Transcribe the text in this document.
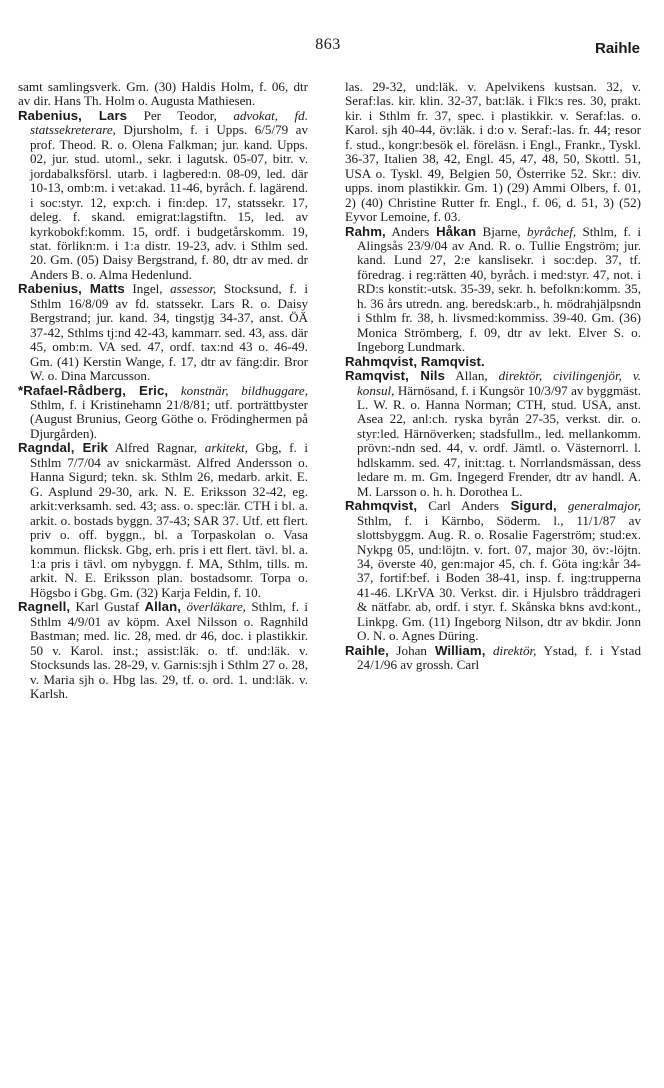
863	Raihle

samt samlingsverk. Gm. (30) Haldis Holm, f. 06, dtr av dir. Hans Th. Holm o. Augusta Mathiesen.

Rabenius, Lars Per Teodor, advokat, fd. statssekreterare, Djursholm, f. i Upps. 6/5/79 av prof. Theod. R. o. Olena Falkman; jur. kand. Upps. 02, jur. stud. utoml., sekr. i lagutsk. 05-07, bitr. v. jordabalksförsl. utarb. i lagbered:n. 08-09, led. där 10-13, omb:m. i vet:akad. 11-46, byråch. f. lagärend. i soc:styr. 12, exp:ch. i fin:dep. 17, statssekr. 17, deleg. f. skand. emigrat:lagstiftn. 15, led. av kyrkobokf:komm. 15, ordf. i budgetårskomm. 19, stat. förlikn:m. i 1:a distr. 19-23, adv. i Sthlm sed. 20. Gm. (05) Daisy Bergstrand, f. 80, dtr av med. dr Anders B. o. Alma Hedenlund.

Rabenius, Matts Ingel, assessor, Stocksund, f. i Sthlm 16/8/09 av fd. statssekr. Lars R. o. Daisy Bergstrand; jur. kand. 34, tingstjg 34-37, anst. ÖÄ 37-42, Sthlms tj:nd 42-43, kammarr. sed. 43, ass. där 45, omb:m. VA sed. 47, ordf. tax:nd 43 o. 46-49. Gm. (41) Kerstin Wange, f. 17, dtr av fäng:dir. Bror W. o. Dina Marcusson.

*Rafael-Rådberg, Eric, konstnär, bildhuggare, Sthlm, f. i Kristinehamn 21/8/81; utf. porträttbyster (August Brunius, Georg Göthe o. Frödinghermen på Djurgården).

Ragndal, Erik Alfred Ragnar, arkitekt, Gbg, f. i Sthlm 7/7/04 av snickarmäst. Alfred Andersson o. Hanna Sigurd; tekn. sk. Sthlm 26, medarb. arkit. E. G. Asplund 29-30, ark. N. E. Eriksson 32-42, eg. arkit:verksamh. sed. 43; ass. o. spec:lär. CTH i bl. a. arkit. o. bostads byggn. 37-43; SAR 37. Utf. ett flert. priv o. off. byggn., bl. a Torpaskolan o. Vasa kommun. flicksk. Gbg, erh. pris i ett flert. tävl. bl. a. 1:a pris i tävl. om nybyggn. f. MA, Sthlm, tills. m. arkit. N. E. Eriksson plan. bostadsomr. Torpa o. Högsbo i Gbg. Gm. (32) Karja Feldin, f. 10.

Ragnell, Karl Gustaf Allan, överläkare, Sthlm, f. i Sthlm 4/9/01 av köpm. Axel Nilsson o. Ragnhild Bastman; med. lic. 28, med. dr 46, doc. i plastikkir. 50 v. Karol. inst.; assist:läk. o. tf. und:läk. v. Stocksunds las. 28-29, v. Garnis:sjh i Sthlm 27 o. 28, v. Maria sjh o. Hbg las. 29, tf. o. ord. 1. und:läk. v. Karlsh.

las. 29-32, und:läk. v. Apelvikens kustsan. 32, v. Seraf:las. kir. klin. 32-37, bat:läk. i Flk:s res. 30, prakt. kir. i Sthlm fr. 37, spec. i plastikkir. v. Seraf:las. o. Karol. sjh 40-44, öv:läk. i d:o v. Seraf:-las. fr. 44; resor f. stud., kongr:besök el. föreläsn. i Engl., Frankr., Tyskl. 36-37, Italien 38, 42, Engl. 45, 47, 48, 50, Skottl. 51, USA o. Tyskl. 49, Belgien 50, Österrike 52. Skr.: div. upps. inom plastikkir. Gm. 1) (29) Ammi Olbers, f. 01, 2) (40) Christine Rutter fr. Engl., f. 06, d. 51, 3) (52) Eyvor Lemoine, f. 03.

Rahm, Anders Håkan Bjarne, byråchef, Sthlm, f. i Alingsås 23/9/04 av And. R. o. Tullie Engström; jur. kand. Lund 27, 2:e kanslisekr. i soc:dep. 37, tf. föredrag. i reg:rätten 40, byråch. i med:styr. 47, not. i RD:s konstit:-utsk. 35-39, sekr. h. befolkn:komm. 35, h. 36 års utredn. ang. beredsk:arb., h. mödrahjälpsndn i Sthlm fr. 38, h. livsmed:kommiss. 39-40. Gm. (36) Monica Strömberg, f. 09, dtr av lekt. Elver S. o. Ingeborg Lundmark.

Rahmqvist, Ramqvist.

Ramqvist, Nils Allan, direktör, civilingenjör, v. konsul, Härnösand, f. i Kungsör 10/3/97 av byggmäst. L. W. R. o. Hanna Norman; CTH, stud. USA, anst. Asea 22, anl:ch. ryska byrån 27-35, verkst. dir. o. styr:led. Härnöverken; stadsfullm., led. mellankomm. prövn:-ndn sed. 44, v. ordf. Jämtl. o. Västernorrl. l. hdlskamm. sed. 47, init:tag. t. Norrlandsmässan, dess ledare m. m. Gm. Ingegerd Frender, dtr av handl. A. M. Larsson o. h. h. Dorothea L.

Rahmqvist, Carl Anders Sigurd, generalmajor, Sthlm, f. i Kärnbo, Söderm. l., 11/1/87 av slottsbyggm. Aug. R. o. Rosalie Fagerström; stud:ex. Nykpg 05, und:löjtn. v. fort. 07, major 30, öv:-löjtn. 34, överste 40, gen:major 45, ch. f. Göta ing:kår 34-37, fortif:bef. i Boden 38-41, insp. f. ing:trupperna 41-46. LKrVA 30. Verkst. dir. i Hjulsbro tråddrageri & nätfabr. ab, ordf. i styr. f. Skånska bkns avd:kont., Linkpg. Gm. (11) Ingeborg Nilson, dtr av bkdir. Jonn O. N. o. Agnes Düring.

Raihle, Johan William, direktör, Ystad, f. i Ystad 24/1/96 av grossh. Carl
